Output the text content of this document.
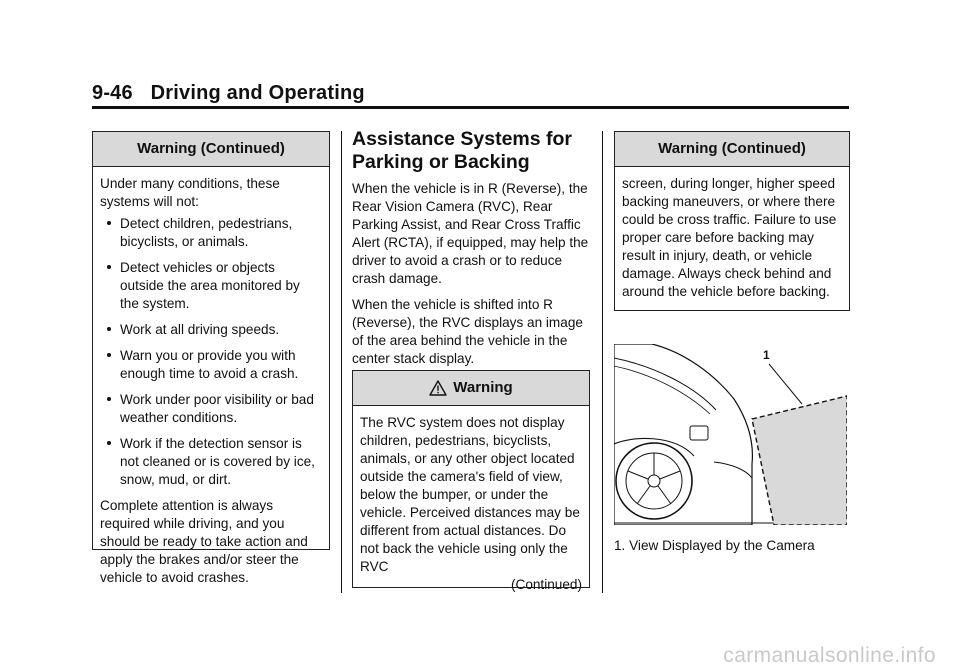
9-46 Driving and Operating
Warning (Continued)

Under many conditions, these systems will not:

Detect children, pedestrians, bicyclists, or animals.
Detect vehicles or objects outside the area monitored by the system.
Work at all driving speeds.
Warn you or provide you with enough time to avoid a crash.
Work under poor visibility or bad weather conditions.
Work if the detection sensor is not cleaned or is covered by ice, snow, mud, or dirt.

Complete attention is always required while driving, and you should be ready to take action and apply the brakes and/or steer the vehicle to avoid crashes.

Assistance Systems for Parking or Backing

When the vehicle is in R (Reverse), the Rear Vision Camera (RVC), Rear Parking Assist, and Rear Cross Traffic Alert (RCTA), if equipped, may help the driver to avoid a crash or to reduce crash damage.

When the vehicle is shifted into R (Reverse), the RVC displays an image of the area behind the vehicle in the center stack display.

Warning

The RVC system does not display children, pedestrians, bicyclists, animals, or any other object located outside the camera's field of view, below the bumper, or under the vehicle. Perceived distances may be different from actual distances. Do not back the vehicle using only the RVC

(Continued)

Warning (Continued)

screen, during longer, higher speed backing maneuvers, or where there could be cross traffic. Failure to use proper care before backing may result in injury, death, or vehicle damage. Always check behind and around the vehicle before backing.

1

1. View Displayed by the Camera

carmanualsonline.info
